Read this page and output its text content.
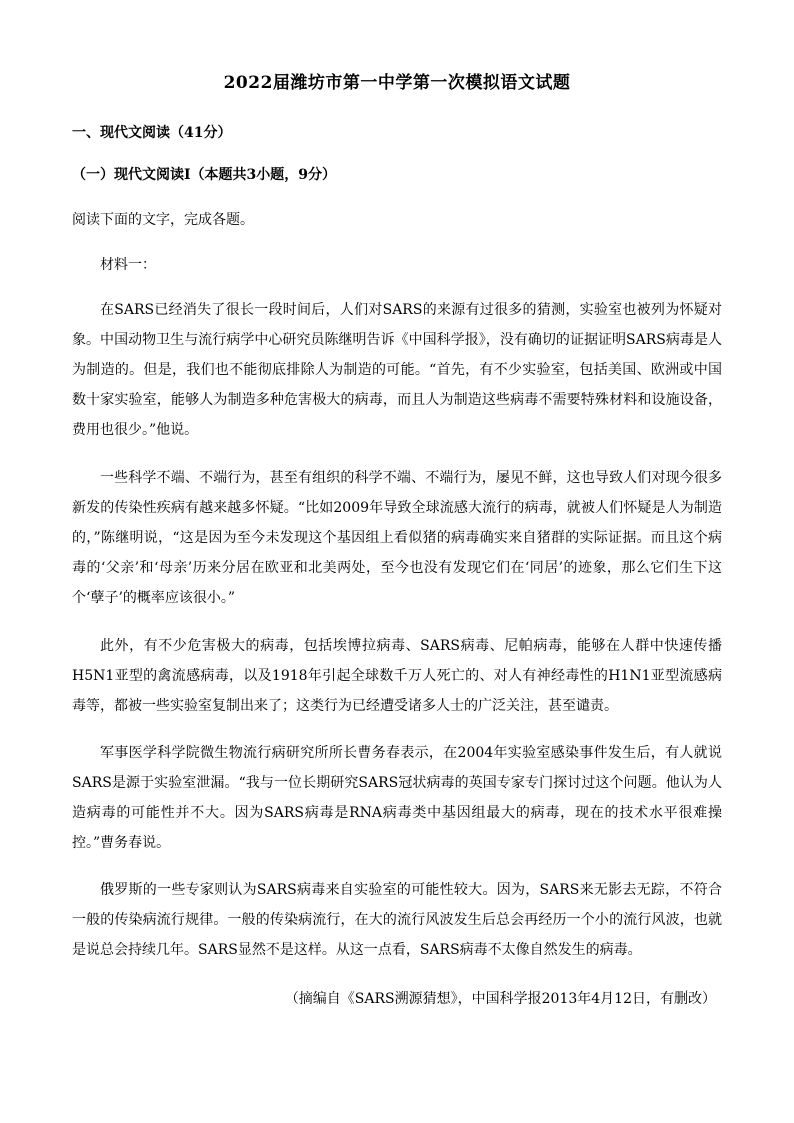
2022届潍坊市第一中学第一次模拟语文试题
一、现代文阅读（41分）
（一）现代文阅读Ⅰ（本题共3小题，9分）
阅读下面的文字，完成各题。
材料一：

在SARS已经消失了很长一段时间后，人们对SARS的来源有过很多的猜测，实验室也被列为怀疑对象。中国动物卫生与流行病学中心研究员陈继明告诉《中国科学报》，没有确切的证据证明SARS病毒是人为制造的。但是，我们也不能彻底排除人为制造的可能。“首先，有不少实验室，包括美国、欧洲或中国数十家实验室，能够人为制造多种危害极大的病毒，而且人为制造这些病毒不需要特殊材料和设施设备，费用也很少。”他说。

一些科学不端、不端行为，甚至有组织的科学不端、不端行为，屡见不鲜，这也导致人们对现今很多新发的传染性疾病有越来越多怀疑。“比如2009年导致全球流感大流行的病毒，就被人们怀疑是人为制造的，”陈继明说，“这是因为至今未发现这个基因组上看似猪的病毒确实来自猪群的实际证据。而且这个病毒的‘父亲’和‘母亲’历来分居在欧亚和北美两处，至今也没有发现它们在‘同居’的迹象，那么它们生下这个‘孽子’的概率应该很小。”

此外，有不少危害极大的病毒，包括埃博拉病毒、SARS病毒、尼帕病毒，能够在人群中快速传播H5N1亚型的禽流感病毒，以及1918年引起全球数千万人死亡的、对人有神经毒性的H1N1亚型流感病毒等，都被一些实验室复制出来了；这类行为已经遭受诸多人士的广泛关注，甚至谴责。

军事医学科学院微生物流行病研究所所长曹务春表示，在2004年实验室感染事件发生后，有人就说SARS是源于实验室泄漏。“我与一位长期研究SARS冠状病毒的英国专家专门探讨过这个问题。他认为人造病毒的可能性并不大。因为SARS病毒是RNA病毒类中基因组最大的病毒，现在的技术水平很难操控。”曹务春说。

俄罗斯的一些专家则认为SARS病毒来自实验室的可能性较大。因为，SARS来无影去无踪，不符合一般的传染病流行规律。一般的传染病流行，在大的流行风波发生后总会再经历一个小的流行风波，也就是说总会持续几年。SARS显然不是这样。从这一点看，SARS病毒不太像自然发生的病毒。

（摘编自《SARS溯源猜想》，中国科学报2013年4月12日，有删改）
